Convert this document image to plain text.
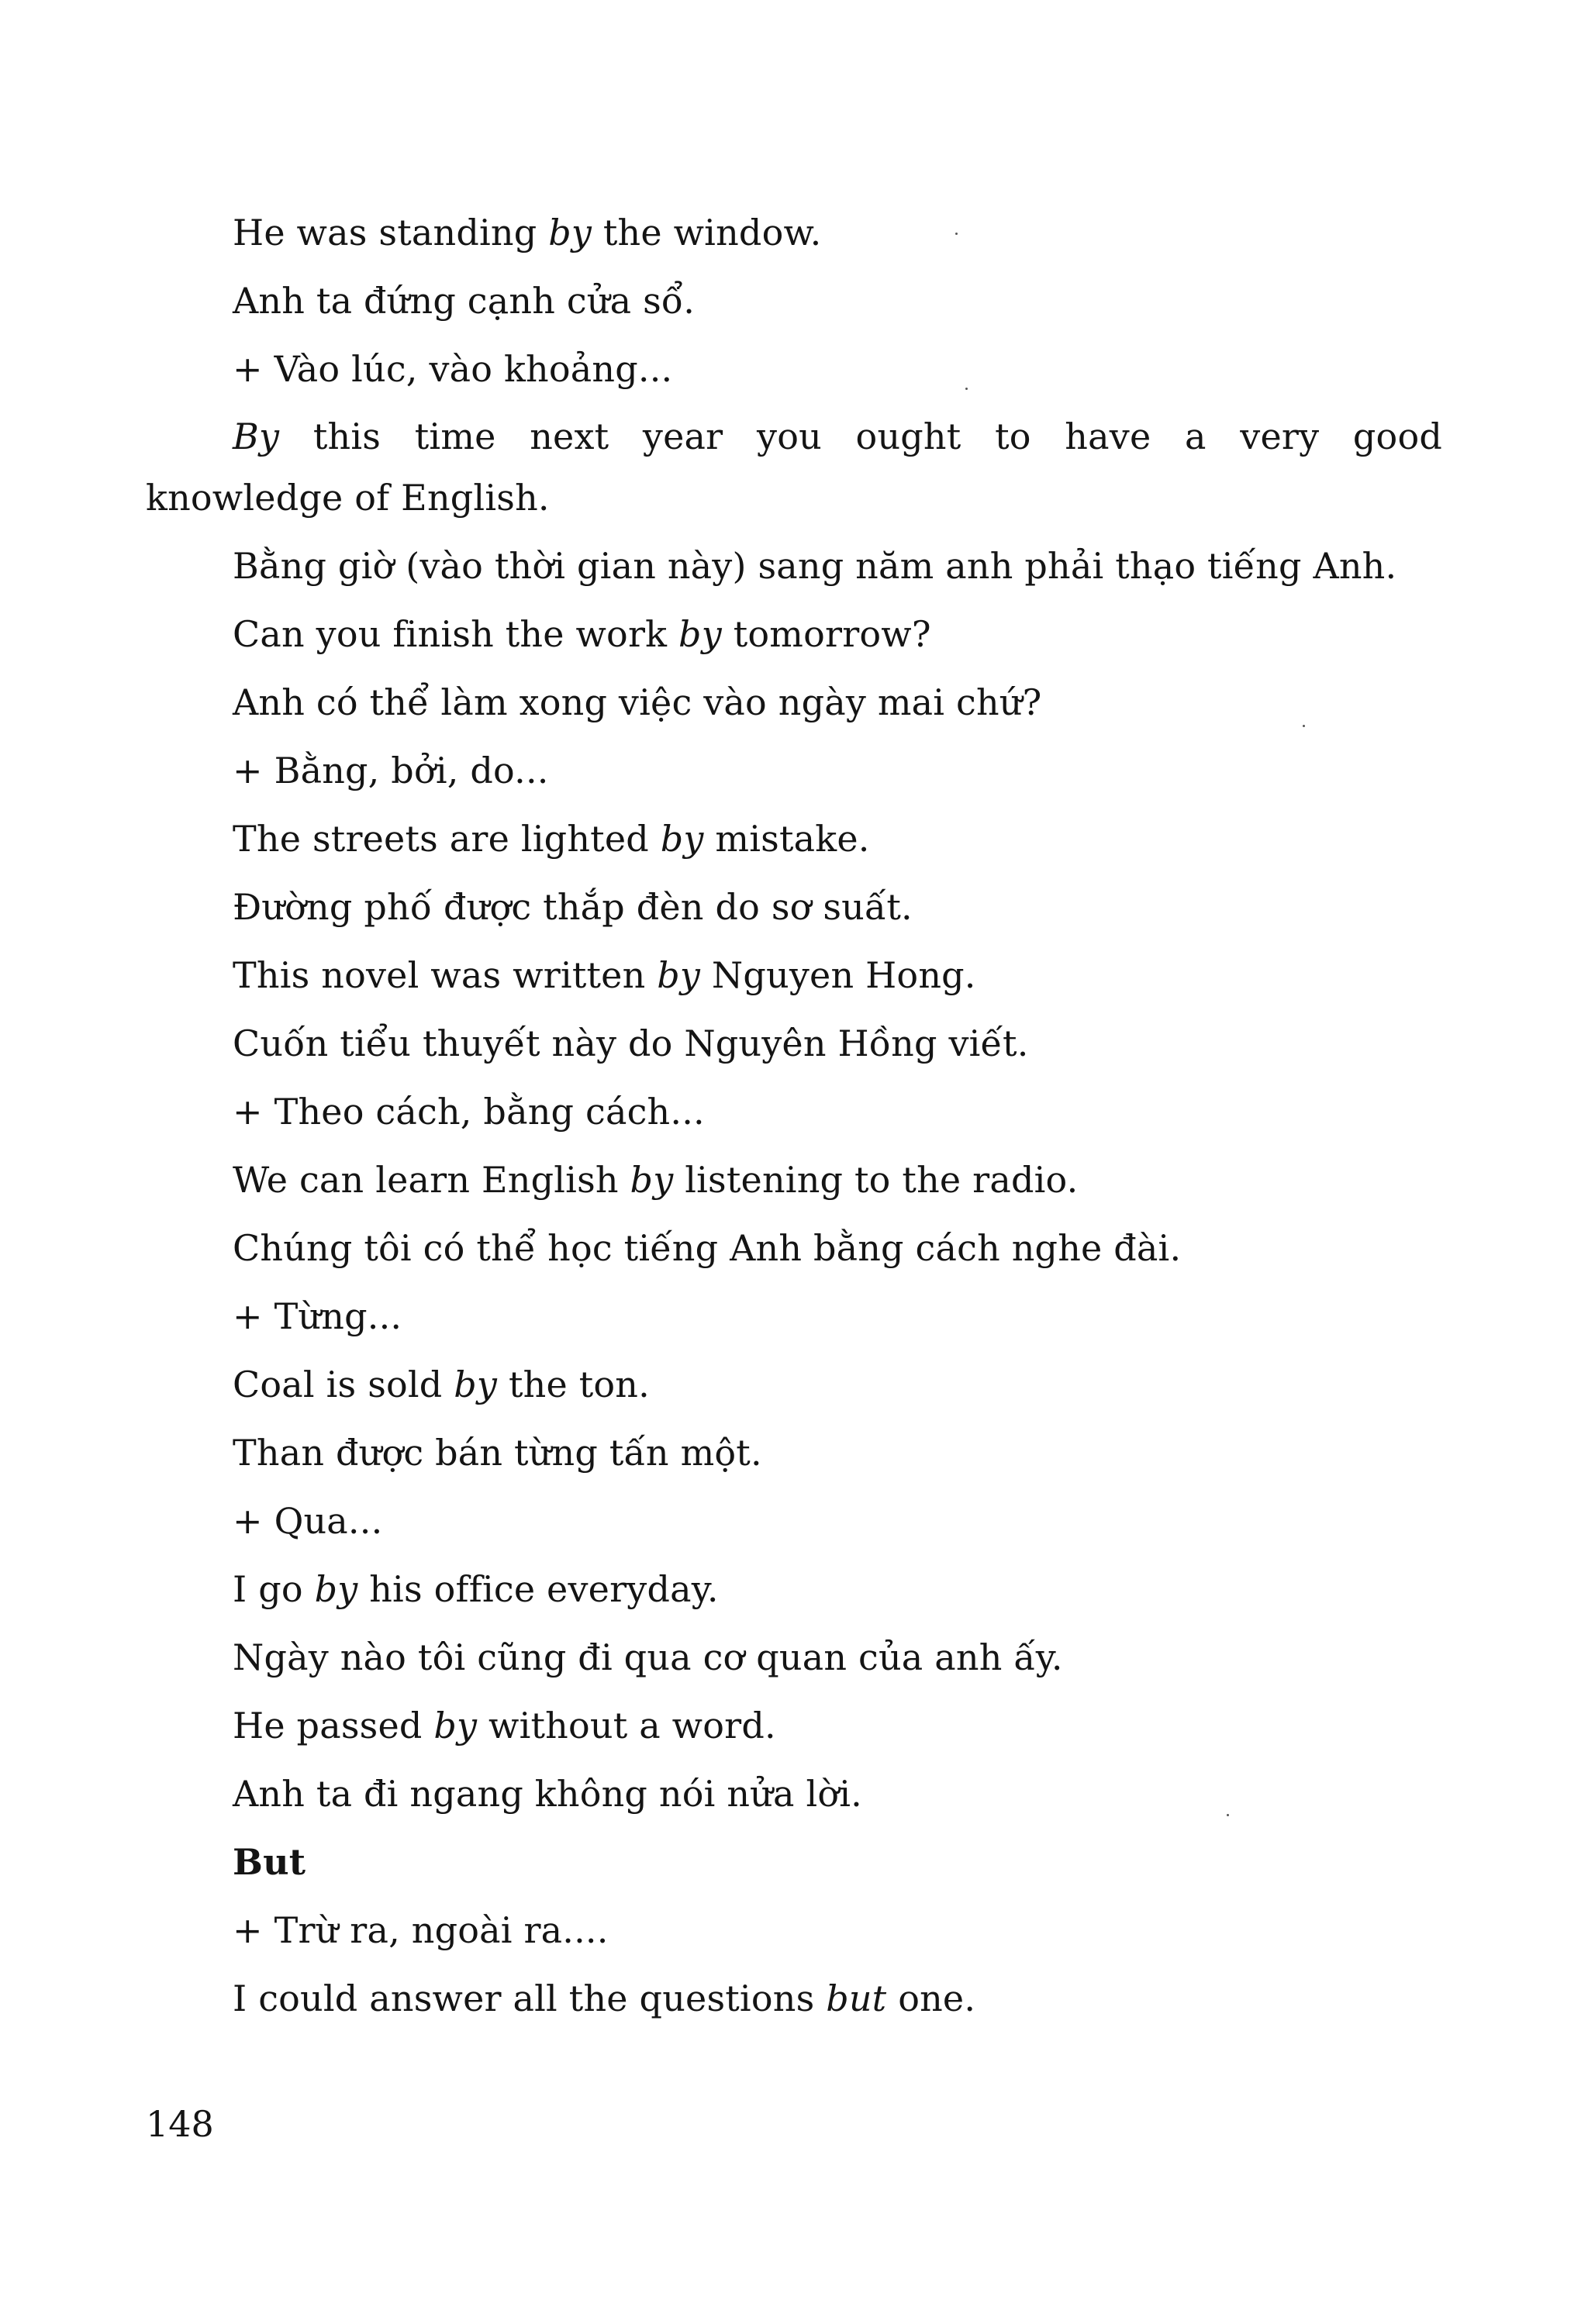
He was standing by the window.
Anh ta đứng cạnh cửa sổ.
+ Vào lúc, vào khoảng...
By this time next year you ought to have a very good
knowledge of English.
Bằng giờ (vào thời gian này) sang năm anh phải thạo tiếng Anh.
Can you finish the work by tomorrow?
Anh có thể làm xong việc vào ngày mai chứ?
+ Bằng, bởi, do...
The streets are lighted by mistake.
Đường phố được thắp đèn do sơ suất.
This novel was written by Nguyen Hong.
Cuốn tiểu thuyết này do Nguyên Hồng viết.
+ Theo cách, bằng cách...
We can learn English by listening to the radio.
Chúng tôi có thể học tiếng Anh bằng cách nghe đài.
+ Từng...
Coal is sold by the ton.
Than được bán từng tấn một.
+ Qua...
I go by his office everyday.
Ngày nào tôi cũng đi qua cơ quan của anh ấy.
He passed by without a word.
Anh ta đi ngang không nói nửa lời.
But
+ Trừ ra, ngoài ra....
I could answer all the questions but one.
148
